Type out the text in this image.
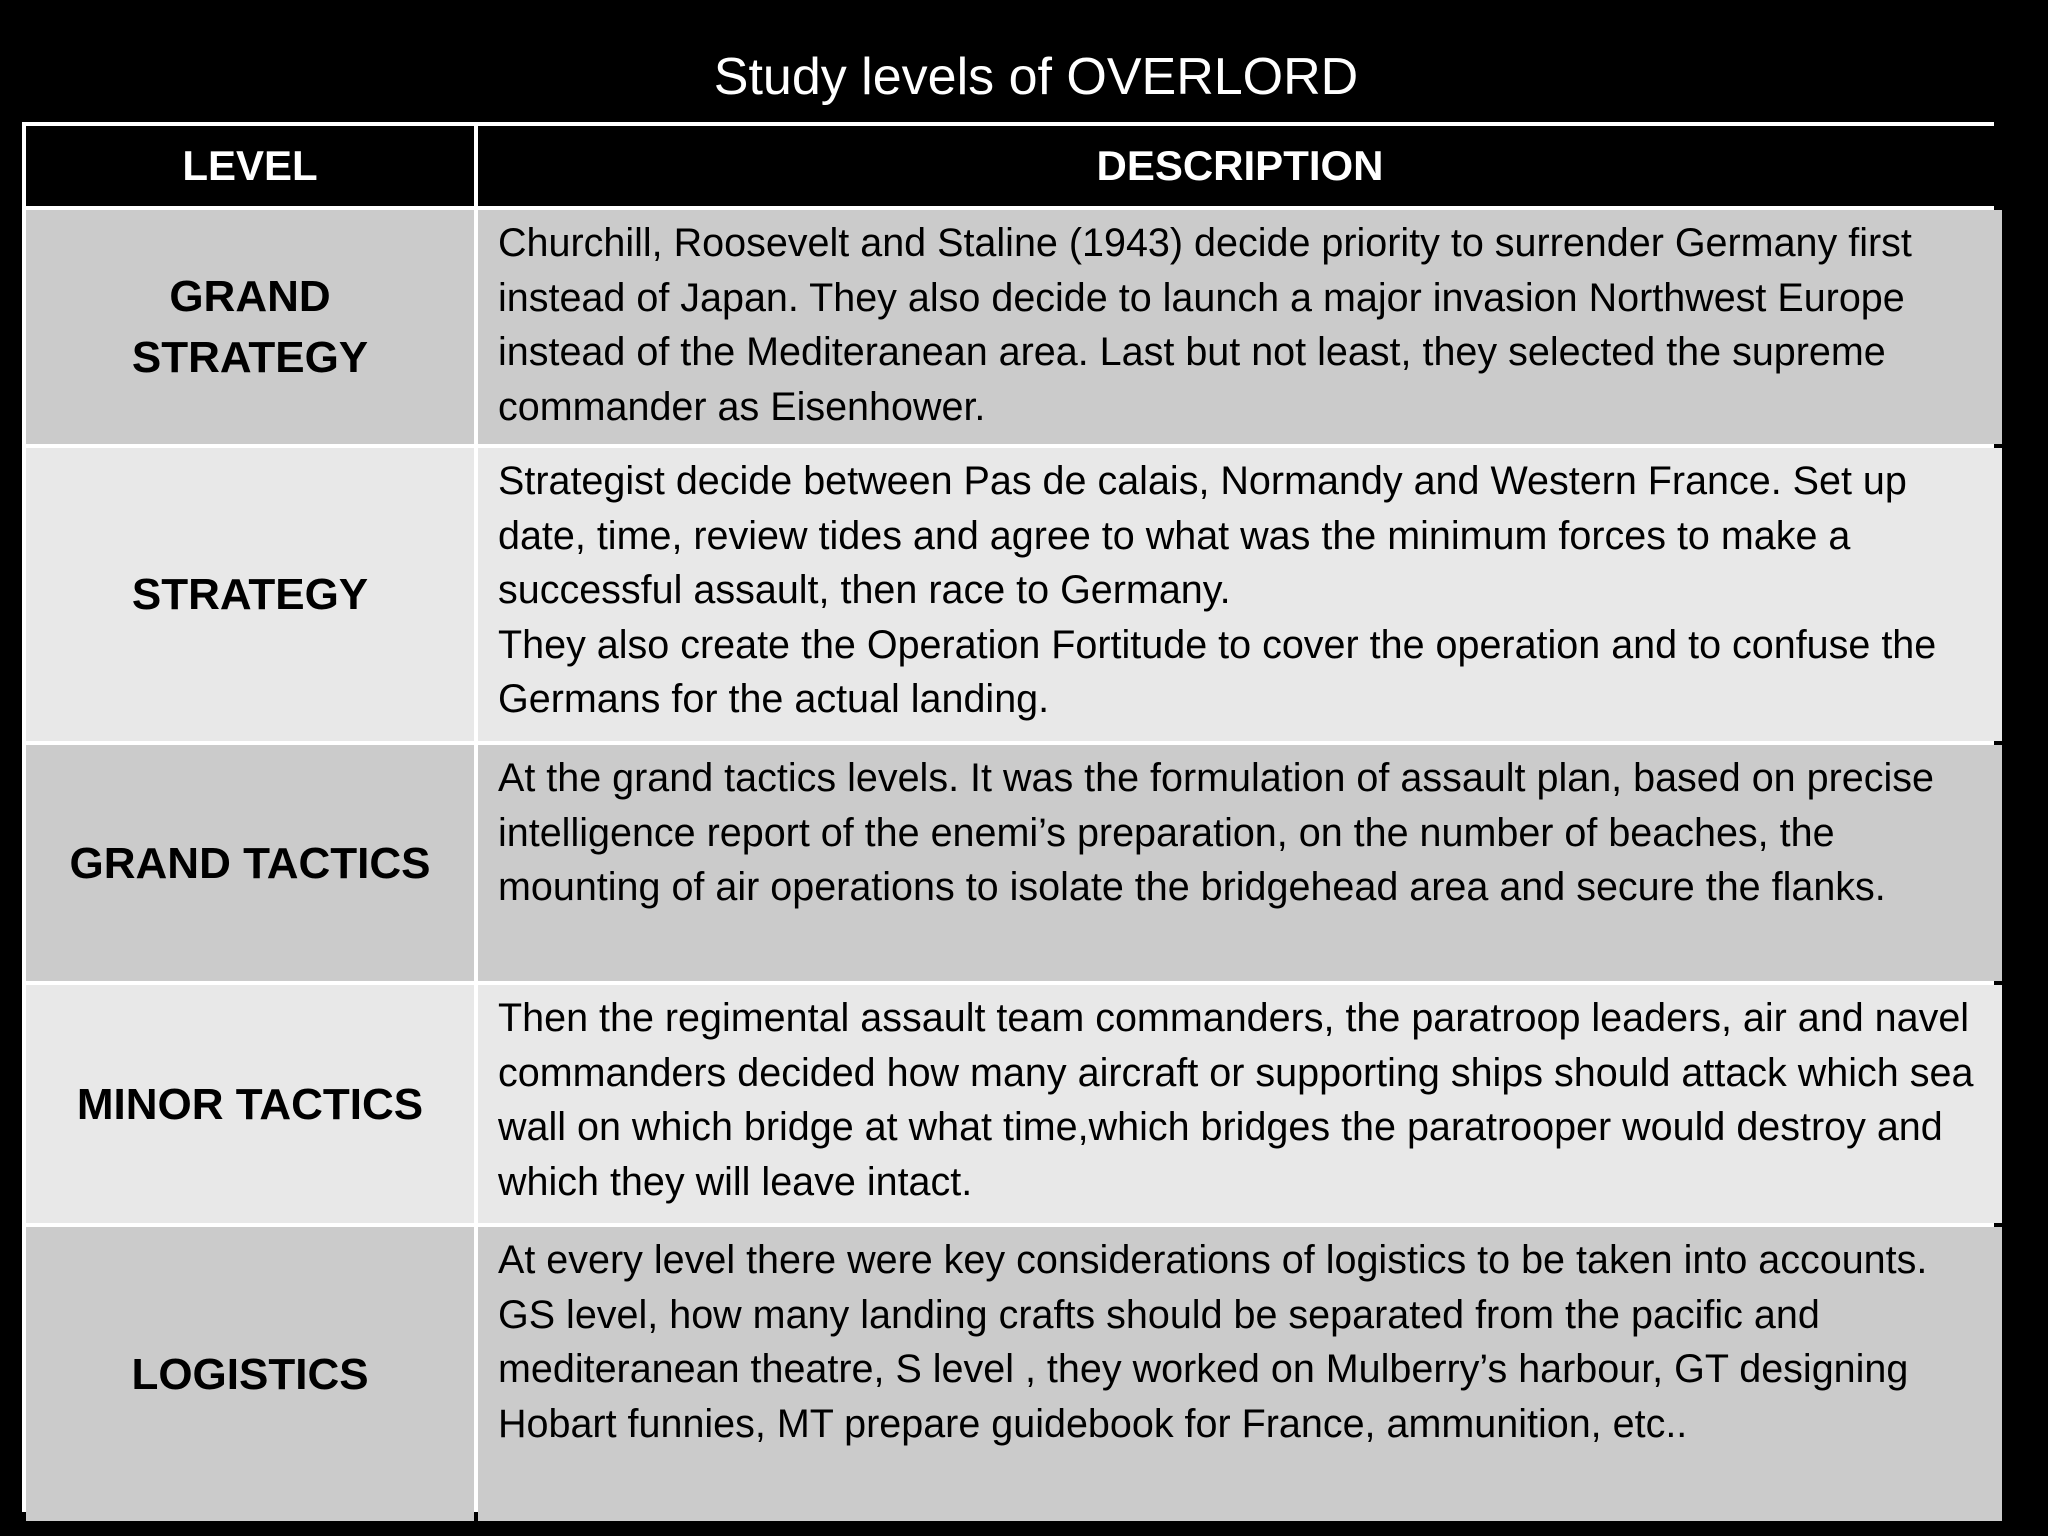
Study levels of OVERLORD
LEVEL	DESCRIPTION
GRAND
STRATEGY
Churchill, Roosevelt and Staline (1943) decide priority to surrender Germany first instead of Japan. They also decide to launch a major invasion Northwest Europe instead of the Mediteranean area. Last but not least, they selected the supreme commander as Eisenhower.
STRATEGY
Strategist decide between Pas de calais, Normandy and Western France. Set up date, time, review tides and agree to what was the minimum forces to make a successful assault, then race to Germany.
They also create the Operation Fortitude to cover the operation and to confuse the Germans for the actual landing.
GRAND TACTICS
At the grand tactics levels. It was the formulation of assault plan, based on precise intelligence report of the enemi’s preparation, on the number of beaches, the mounting of air operations to isolate the bridgehead area and secure the flanks.
MINOR TACTICS
Then the regimental assault team commanders, the paratroop leaders, air and navel commanders decided how many aircraft or supporting ships should attack which sea wall on which bridge at what time,which bridges the paratrooper would destroy and which they will leave intact.
LOGISTICS
At every level there were key considerations of logistics to be taken into accounts. GS level, how many landing crafts should be separated from the pacific and mediteranean theatre, S level , they worked on Mulberry’s harbour, GT designing Hobart funnies, MT prepare guidebook for France, ammunition, etc..
